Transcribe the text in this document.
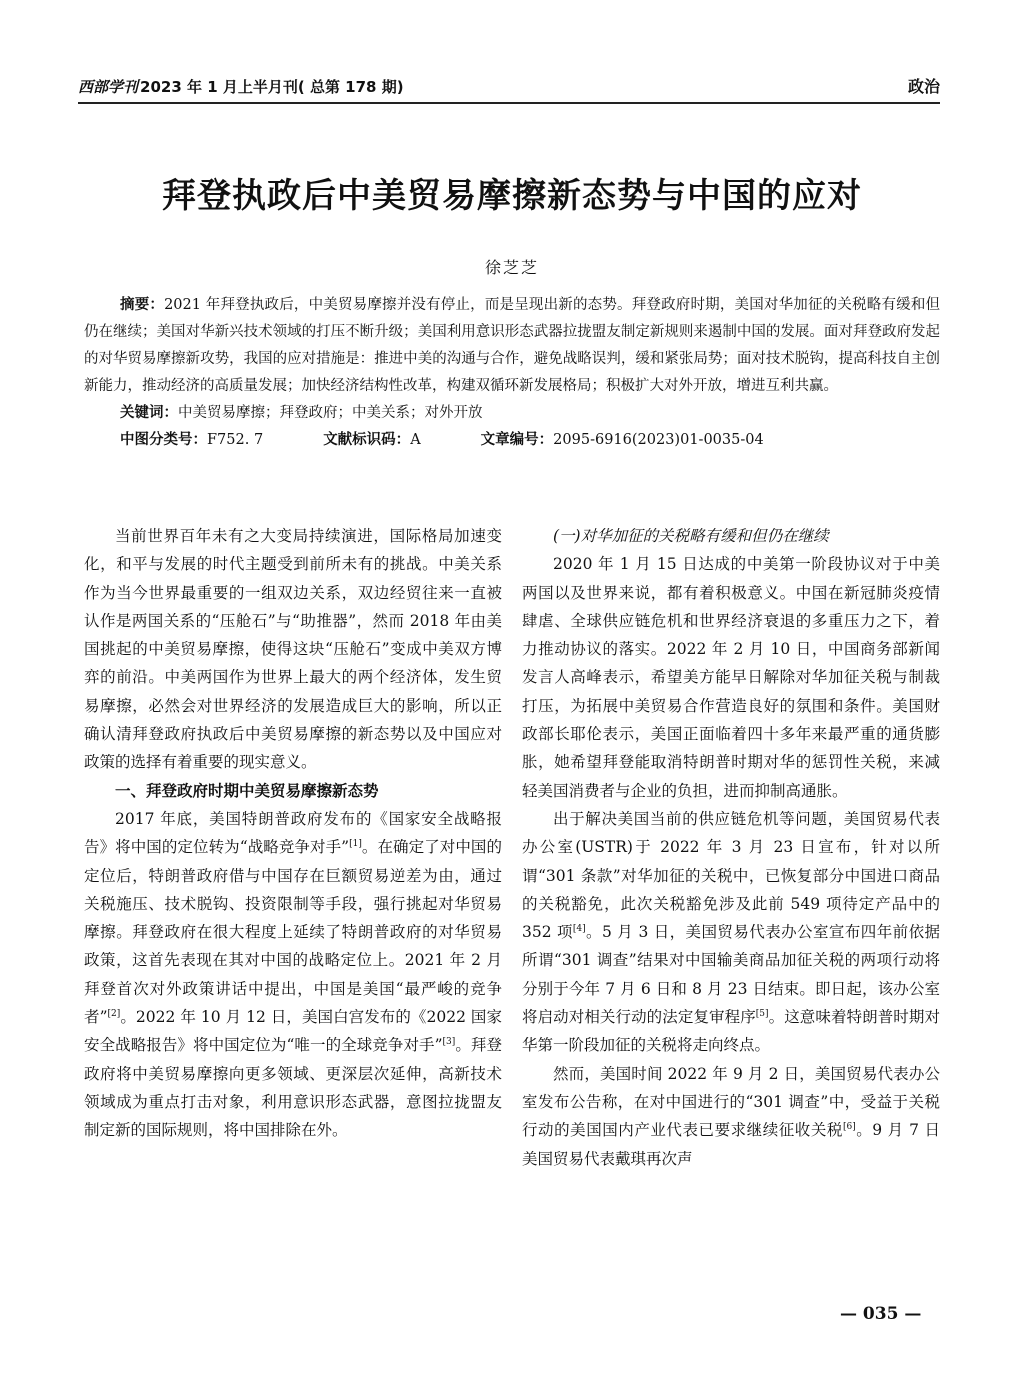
西部学刊 2023 年 1 月上半月刊( 总第 178 期)	政治
拜登执政后中美贸易摩擦新态势与中国的应对
徐芝芝

摘要：2021 年拜登执政后，中美贸易摩擦并没有停止，而是呈现出新的态势。拜登政府时期，美国对华加征的关税略有缓和但仍在继续；美国对华新兴技术领域的打压不断升级；美国利用意识形态武器拉拢盟友制定新规则来遏制中国的发展。面对拜登政府发起的对华贸易摩擦新攻势，我国的应对措施是：推进中美的沟通与合作，避免战略误判，缓和紧张局势；面对技术脱钩，提高科技自主创新能力，推动经济的高质量发展；加快经济结构性改革，构建双循环新发展格局；积极扩大对外开放，增进互利共赢。

关键词：中美贸易摩擦；拜登政府；中美关系；对外开放
中图分类号：F752. 7	文献标识码：A	文章编号：2095-6916(2023)01-0035-04

当前世界百年未有之大变局持续演进，国际格局加速变化，和平与发展的时代主题受到前所未有的挑战。中美关系作为当今世界最重要的一组双边关系，双边经贸往来一直被认作是两国关系的“压舱石”与“助推器”，然而 2018 年由美国挑起的中美贸易摩擦，使得这块“压舱石”变成中美双方博弈的前沿。中美两国作为世界上最大的两个经济体，发生贸易摩擦，必然会对世界经济的发展造成巨大的影响，所以正确认清拜登政府执政后中美贸易摩擦的新态势以及中国应对政策的选择有着重要的现实意义。

一、拜登政府时期中美贸易摩擦新态势

2017 年底，美国特朗普政府发布的《国家安全战略报告》将中国的定位转为“战略竞争对手”[1]。在确定了对中国的定位后，特朗普政府借与中国存在巨额贸易逆差为由，通过关税施压、技术脱钩、投资限制等手段，强行挑起对华贸易摩擦。拜登政府在很大程度上延续了特朗普政府的对华贸易政策，这首先表现在其对中国的战略定位上。2021 年 2 月拜登首次对外政策讲话中提出，中国是美国“最严峻的竞争者”[2]。2022 年 10 月 12 日，美国白宫发布的《2022 国家安全战略报告》将中国定位为“唯一的全球竞争对手”[3]。拜登政府将中美贸易摩擦向更多领域、更深层次延伸，高新技术领域成为重点打击对象，利用意识形态武器，意图拉拢盟友制定新的国际规则，将中国排除在外。

(一)对华加征的关税略有缓和但仍在继续

2020 年 1 月 15 日达成的中美第一阶段协议对于中美两国以及世界来说，都有着积极意义。中国在新冠肺炎疫情肆虐、全球供应链危机和世界经济衰退的多重压力之下，着力推动协议的落实。2022 年 2 月 10 日，中国商务部新闻发言人高峰表示，希望美方能早日解除对华加征关税与制裁打压，为拓展中美贸易合作营造良好的氛围和条件。美国财政部长耶伦表示，美国正面临着四十多年来最严重的通货膨胀，她希望拜登能取消特朗普时期对华的惩罚性关税，来减轻美国消费者与企业的负担，进而抑制高通胀。

出于解决美国当前的供应链危机等问题，美国贸易代表办公室(USTR)于 2022 年 3 月 23 日宣布，针对以所谓“301 条款”对华加征的关税中，已恢复部分中国进口商品的关税豁免，此次关税豁免涉及此前 549 项待定产品中的 352 项[4]。5 月 3 日，美国贸易代表办公室宣布四年前依据所谓“301 调查”结果对中国输美商品加征关税的两项行动将分别于今年 7 月 6 日和 8 月 23 日结束。即日起，该办公室将启动对相关行动的法定复审程序[5]。这意味着特朗普时期对华第一阶段加征的关税将走向终点。

然而，美国时间 2022 年 9 月 2 日，美国贸易代表办公室发布公告称，在对中国进行的“301 调查”中，受益于关税行动的美国国内产业代表已要求继续征收关税[6]。9 月 7 日美国贸易代表戴琪再次声

— 035 —
